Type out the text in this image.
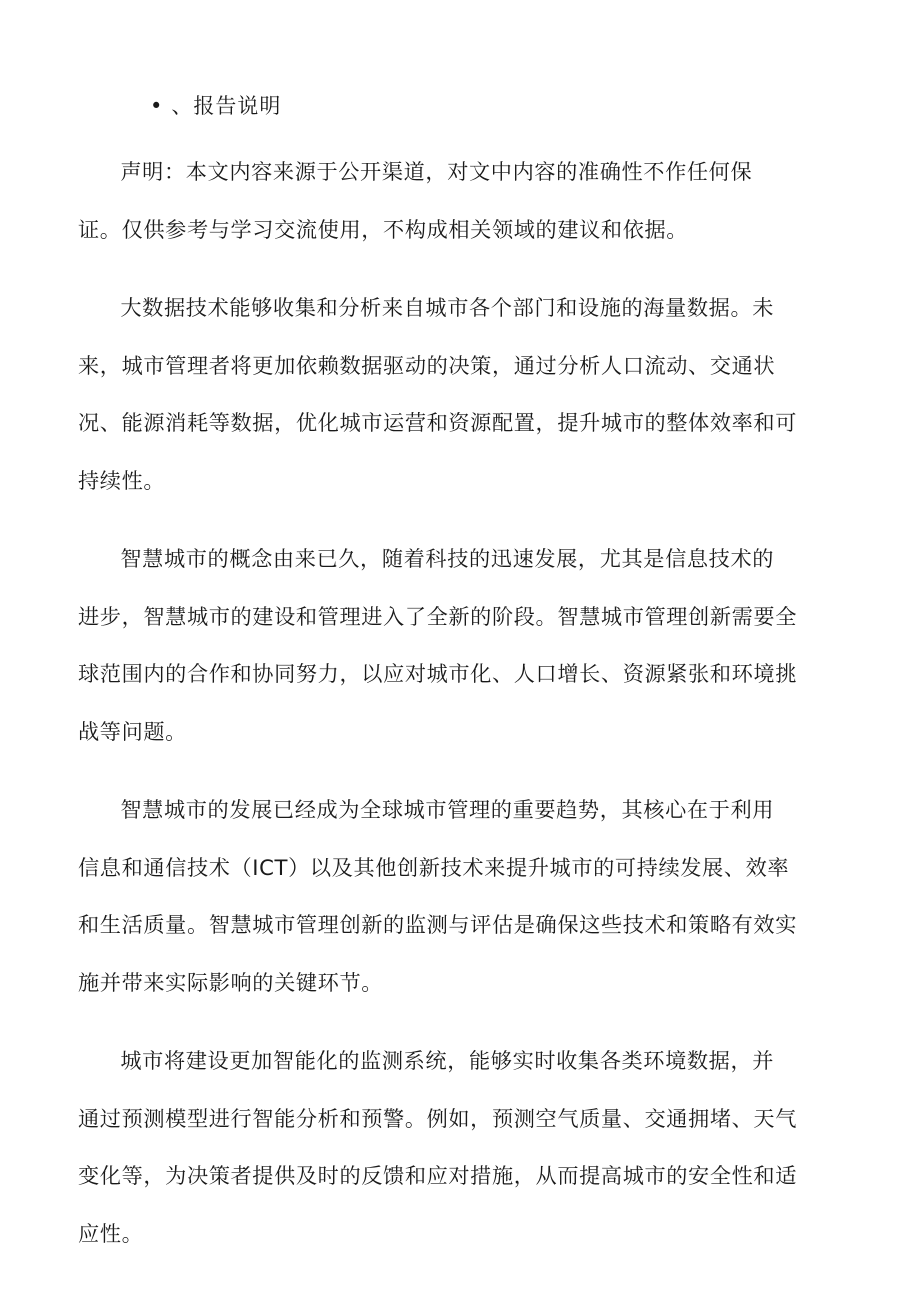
• 、报告说明

声明：本文内容来源于公开渠道，对文中内容的准确性不作任何保
证。仅供参考与学习交流使用，不构成相关领域的建议和依据。

大数据技术能够收集和分析来自城市各个部门和设施的海量数据。未
来，城市管理者将更加依赖数据驱动的决策，通过分析人口流动、交通状
况、能源消耗等数据，优化城市运营和资源配置，提升城市的整体效率和可
持续性。

智慧城市的概念由来已久，随着科技的迅速发展，尤其是信息技术的
进步，智慧城市的建设和管理进入了全新的阶段。智慧城市管理创新需要全
球范围内的合作和协同努力，以应对城市化、人口增长、资源紧张和环境挑
战等问题。

智慧城市的发展已经成为全球城市管理的重要趋势，其核心在于利用
信息和通信技术（ICT）以及其他创新技术来提升城市的可持续发展、效率
和生活质量。智慧城市管理创新的监测与评估是确保这些技术和策略有效实
施并带来实际影响的关键环节。

城市将建设更加智能化的监测系统，能够实时收集各类环境数据，并
通过预测模型进行智能分析和预警。例如，预测空气质量、交通拥堵、天气
变化等，为决策者提供及时的反馈和应对措施，从而提高城市的安全性和适
应性。
